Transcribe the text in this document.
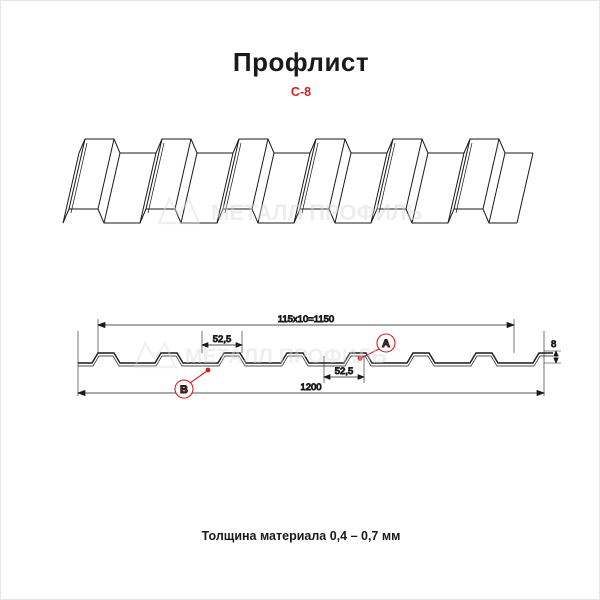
Профлист
С-8
МЕТАЛЛ ПРОФИЛЬ
115х10=1150
52,5
52,5
1200
8
A
B
МЕТАЛЛ ПРОФИЛЬ
Толщина материала 0,4 – 0,7 мм
